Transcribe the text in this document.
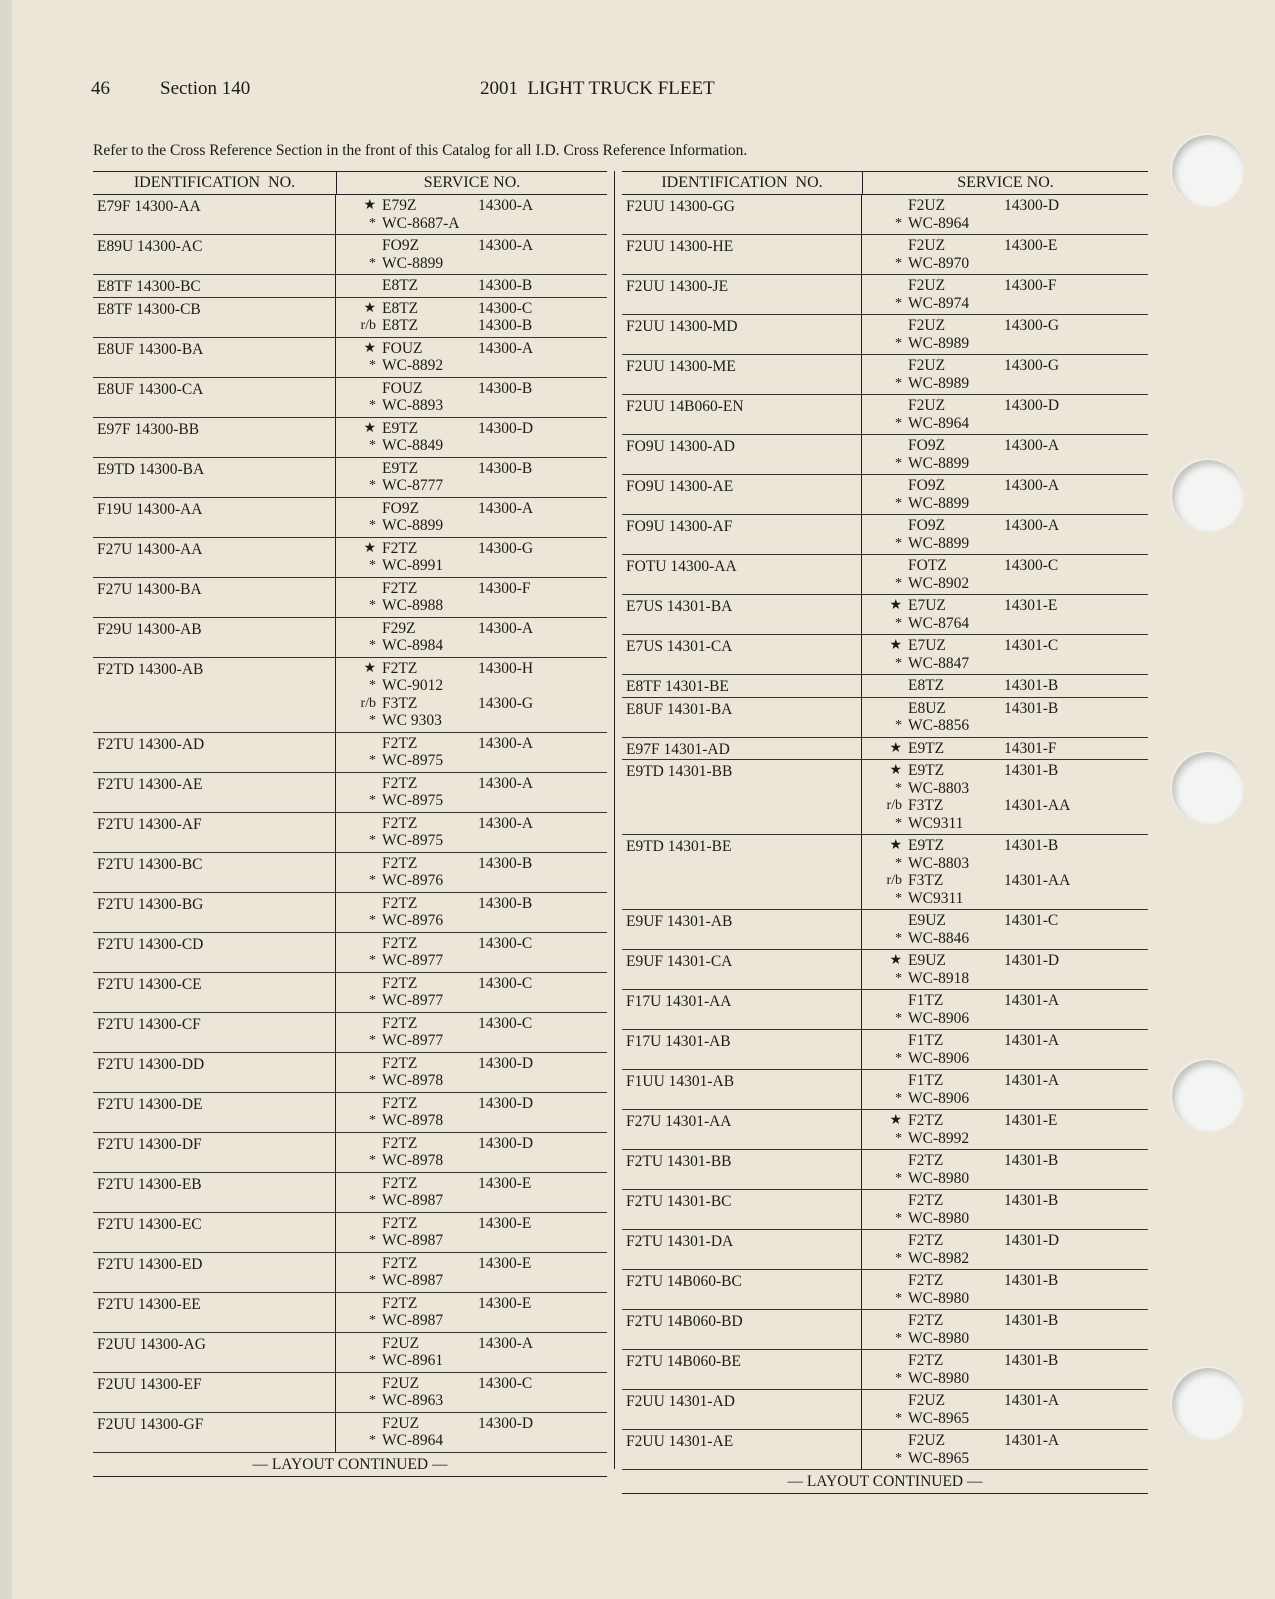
46	Section 140	2001  LIGHT TRUCK FLEET
Refer to the Cross Reference Section in the front of this Catalog for all I.D. Cross Reference Information.
IDENTIFICATION  NO.	SERVICE NO.
E79F 14300-AA	★ E79Z	14300-A
* WC-8687-A
E89U 14300-AC	FO9Z	14300-A
* WC-8899
E8TF 14300-BC	E8TZ	14300-B
E8TF 14300-CB	★ E8TZ	14300-C
r/b E8TZ	14300-B
E8UF 14300-BA	★ FOUZ	14300-A
* WC-8892
E8UF 14300-CA	FOUZ	14300-B
* WC-8893
E97F 14300-BB	★ E9TZ	14300-D
* WC-8849
E9TD 14300-BA	E9TZ	14300-B
* WC-8777
F19U 14300-AA	FO9Z	14300-A
* WC-8899
F27U 14300-AA	★ F2TZ	14300-G
* WC-8991
F27U 14300-BA	F2TZ	14300-F
* WC-8988
F29U 14300-AB	F29Z	14300-A
* WC-8984
F2TD 14300-AB	★ F2TZ	14300-H
* WC-9012
r/b F3TZ	14300-G
* WC 9303
F2TU 14300-AD	F2TZ	14300-A
* WC-8975
F2TU 14300-AE	F2TZ	14300-A
* WC-8975
F2TU 14300-AF	F2TZ	14300-A
* WC-8975
F2TU 14300-BC	F2TZ	14300-B
* WC-8976
F2TU 14300-BG	F2TZ	14300-B
* WC-8976
F2TU 14300-CD	F2TZ	14300-C
* WC-8977
F2TU 14300-CE	F2TZ	14300-C
* WC-8977
F2TU 14300-CF	F2TZ	14300-C
* WC-8977
F2TU 14300-DD	F2TZ	14300-D
* WC-8978
F2TU 14300-DE	F2TZ	14300-D
* WC-8978
F2TU 14300-DF	F2TZ	14300-D
* WC-8978
F2TU 14300-EB	F2TZ	14300-E
* WC-8987
F2TU 14300-EC	F2TZ	14300-E
* WC-8987
F2TU 14300-ED	F2TZ	14300-E
* WC-8987
F2TU 14300-EE	F2TZ	14300-E
* WC-8987
F2UU 14300-AG	F2UZ	14300-A
* WC-8961
F2UU 14300-EF	F2UZ	14300-C
* WC-8963
F2UU 14300-GF	F2UZ	14300-D
* WC-8964
— LAYOUT CONTINUED —
IDENTIFICATION  NO.	SERVICE NO.
F2UU 14300-GG	F2UZ	14300-D
* WC-8964
F2UU 14300-HE	F2UZ	14300-E
* WC-8970
F2UU 14300-JE	F2UZ	14300-F
* WC-8974
F2UU 14300-MD	F2UZ	14300-G
* WC-8989
F2UU 14300-ME	F2UZ	14300-G
* WC-8989
F2UU 14B060-EN	F2UZ	14300-D
* WC-8964
FO9U 14300-AD	FO9Z	14300-A
* WC-8899
FO9U 14300-AE	FO9Z	14300-A
* WC-8899
FO9U 14300-AF	FO9Z	14300-A
* WC-8899
FOTU 14300-AA	FOTZ	14300-C
* WC-8902
E7US 14301-BA	★ E7UZ	14301-E
* WC-8764
E7US 14301-CA	★ E7UZ	14301-C
* WC-8847
E8TF 14301-BE	E8TZ	14301-B
E8UF 14301-BA	E8UZ	14301-B
* WC-8856
E97F 14301-AD	★ E9TZ	14301-F
E9TD 14301-BB	★ E9TZ	14301-B
* WC-8803
r/b F3TZ	14301-AA
* WC9311
E9TD 14301-BE	★ E9TZ	14301-B
* WC-8803
r/b F3TZ	14301-AA
* WC9311
E9UF 14301-AB	E9UZ	14301-C
* WC-8846
E9UF 14301-CA	★ E9UZ	14301-D
* WC-8918
F17U 14301-AA	F1TZ	14301-A
* WC-8906
F17U 14301-AB	F1TZ	14301-A
* WC-8906
F1UU 14301-AB	F1TZ	14301-A
* WC-8906
F27U 14301-AA	★ F2TZ	14301-E
* WC-8992
F2TU 14301-BB	F2TZ	14301-B
* WC-8980
F2TU 14301-BC	F2TZ	14301-B
* WC-8980
F2TU 14301-DA	F2TZ	14301-D
* WC-8982
F2TU 14B060-BC	F2TZ	14301-B
* WC-8980
F2TU 14B060-BD	F2TZ	14301-B
* WC-8980
F2TU 14B060-BE	F2TZ	14301-B
* WC-8980
F2UU 14301-AD	F2UZ	14301-A
* WC-8965
F2UU 14301-AE	F2UZ	14301-A
* WC-8965
— LAYOUT CONTINUED —
